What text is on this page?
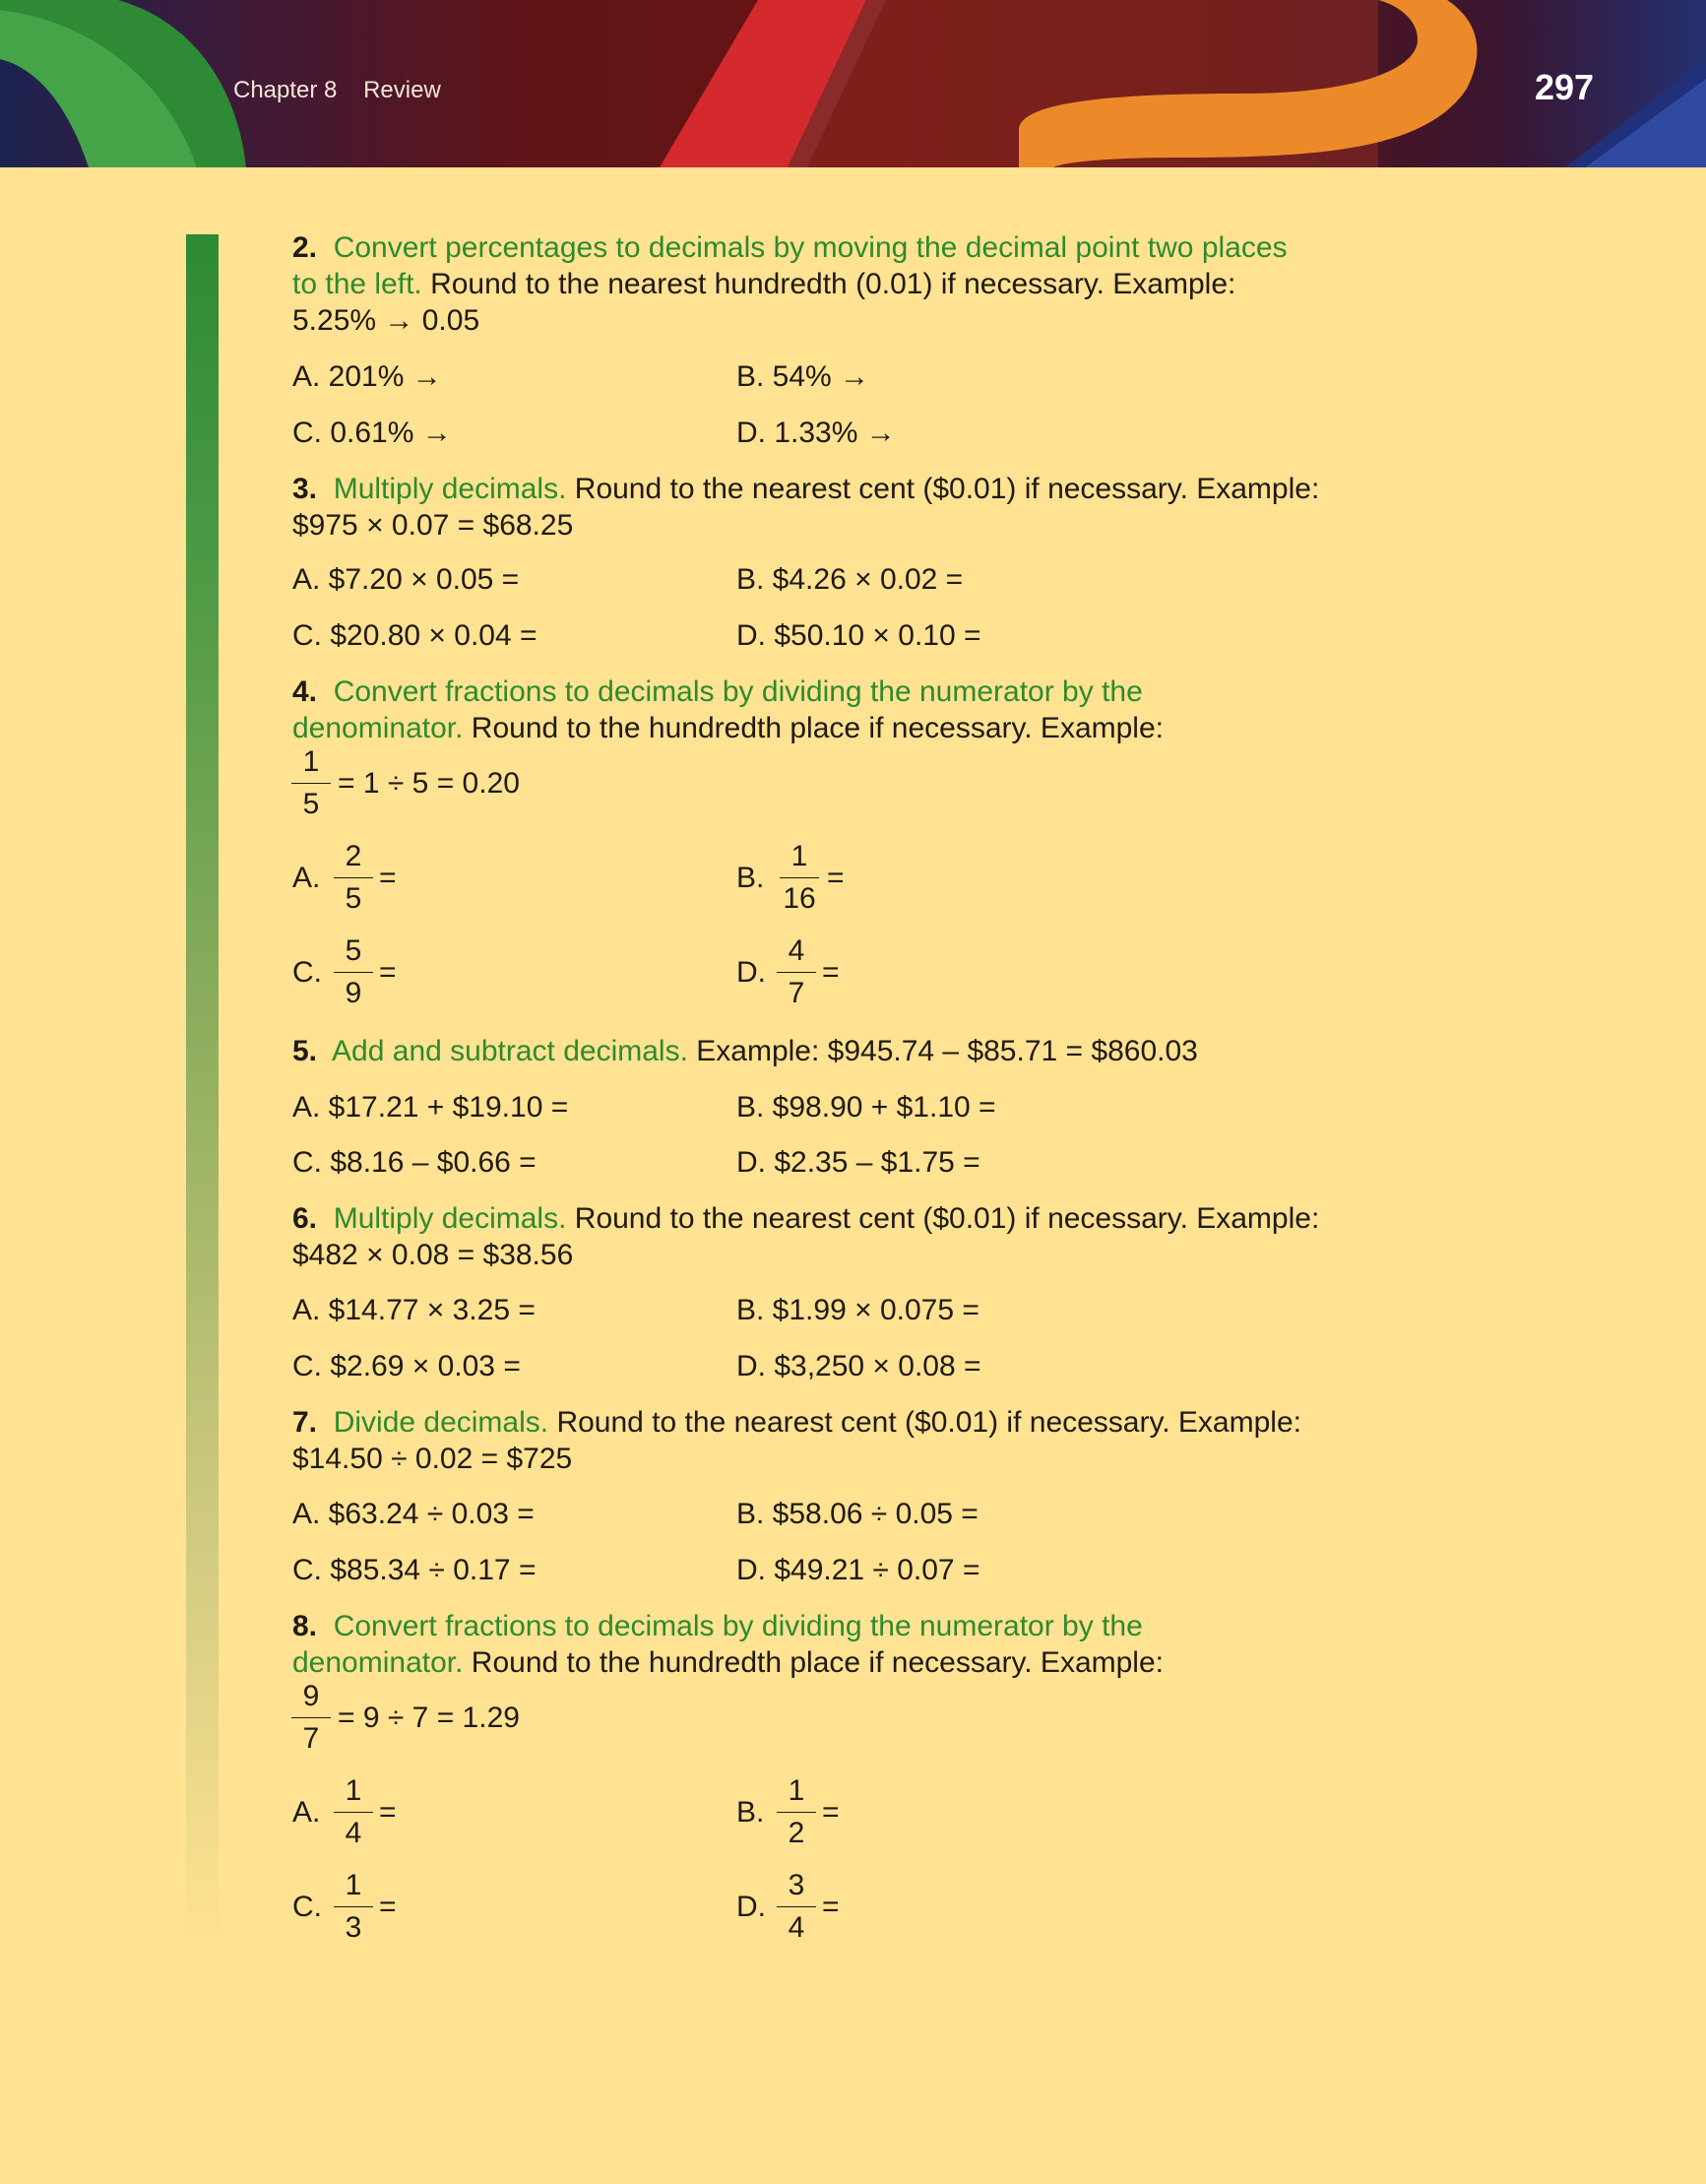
Chapter 8 Review	297
2. Convert percentages to decimals by moving the decimal point two places
to the left. Round to the nearest hundredth (0.01) if necessary. Example:
5.25% → 0.05
A. 201% →	B. 54% →
C. 0.61% →	D. 1.33% →
3. Multiply decimals. Round to the nearest cent ($0.01) if necessary. Example:
$975 × 0.07 = $68.25
A. $7.20 × 0.05 =	B. $4.26 × 0.02 =
C. $20.80 × 0.04 =	D. $50.10 × 0.10 =
4. Convert fractions to decimals by dividing the numerator by the
denominator. Round to the hundredth place if necessary. Example:
1
5
= 1 ÷ 5 = 0.20
A.
2
5
=	B.
1
16
=
C.
5
9
=	D.
4
7
=
5. Add and subtract decimals. Example: $945.74 – $85.71 = $860.03
A. $17.21 + $19.10 =	B. $98.90 + $1.10 =
C. $8.16 – $0.66 =	D. $2.35 – $1.75 =
6. Multiply decimals. Round to the nearest cent ($0.01) if necessary. Example:
$482 × 0.08 = $38.56
A. $14.77 × 3.25 =	B. $1.99 × 0.075 =
C. $2.69 × 0.03 =	D. $3,250 × 0.08 =
7. Divide decimals. Round to the nearest cent ($0.01) if necessary. Example:
$14.50 ÷ 0.02 = $725
A. $63.24 ÷ 0.03 =	B. $58.06 ÷ 0.05 =
C. $85.34 ÷ 0.17 =	D. $49.21 ÷ 0.07 =
8. Convert fractions to decimals by dividing the numerator by the
denominator. Round to the hundredth place if necessary. Example:
9
7
= 9 ÷ 7 = 1.29
A.
1
4
=	B.
1
2
=
C.
1
3
=	D.
3
4
=
